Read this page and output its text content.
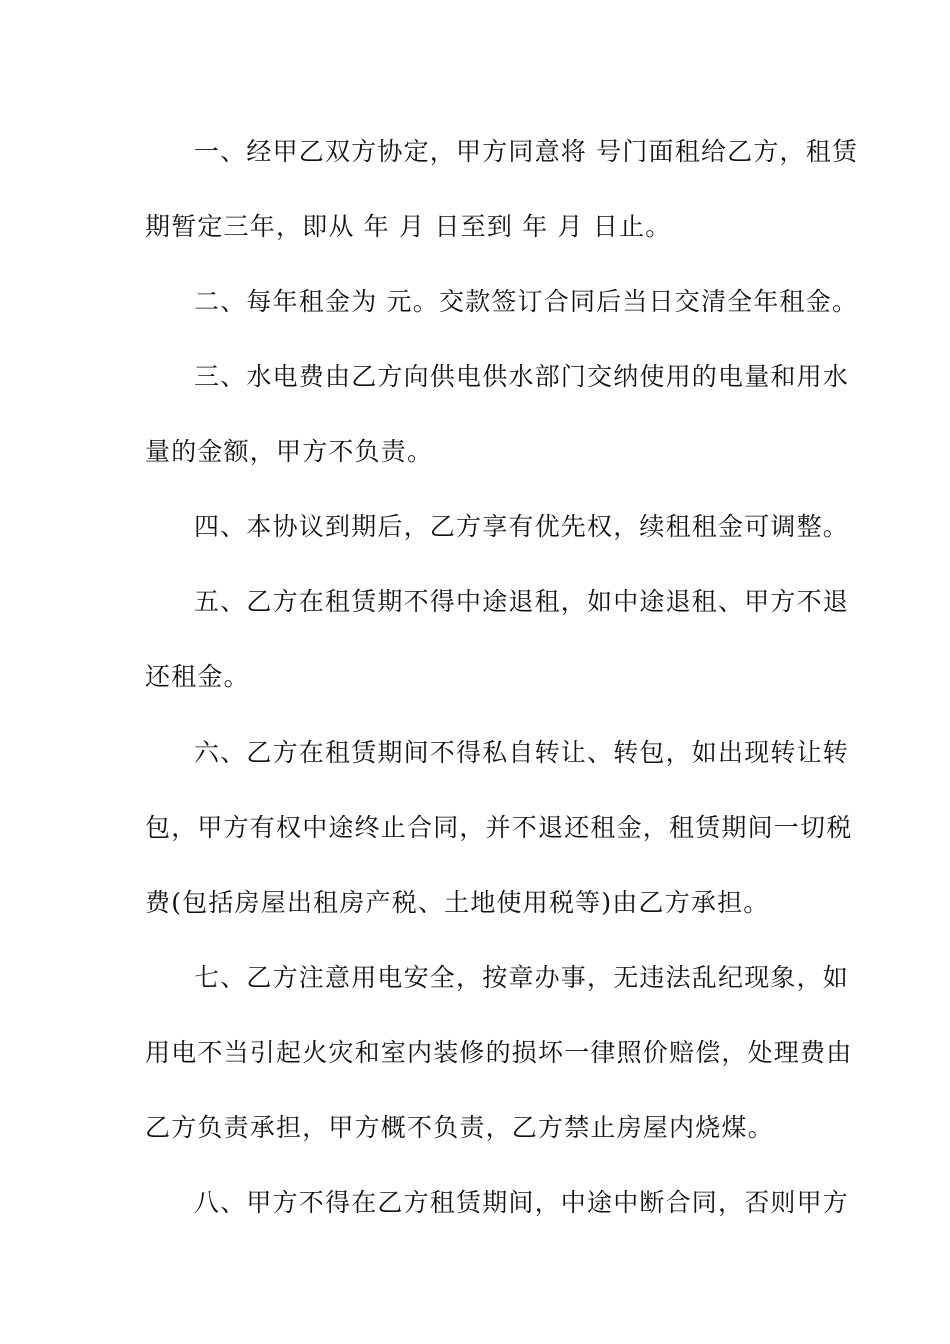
一、经甲乙双方协定，甲方同意将 号门面租给乙方，租赁
期暂定三年，即从 年 月 日至到 年 月 日止。
二、每年租金为 元。交款签订合同后当日交清全年租金。
三、水电费由乙方向供电供水部门交纳使用的电量和用水
量的金额，甲方不负责。
四、本协议到期后，乙方享有优先权，续租租金可调整。
五、乙方在租赁期不得中途退租，如中途退租、甲方不退
还租金。
六、乙方在租赁期间不得私自转让、转包，如出现转让转
包，甲方有权中途终止合同，并不退还租金，租赁期间一切税
费(包括房屋出租房产税、土地使用税等)由乙方承担。
七、乙方注意用电安全，按章办事，无违法乱纪现象，如
用电不当引起火灾和室内装修的损坏一律照价赔偿，处理费由
乙方负责承担，甲方概不负责，乙方禁止房屋内烧煤。
八、甲方不得在乙方租赁期间，中途中断合同，否则甲方
